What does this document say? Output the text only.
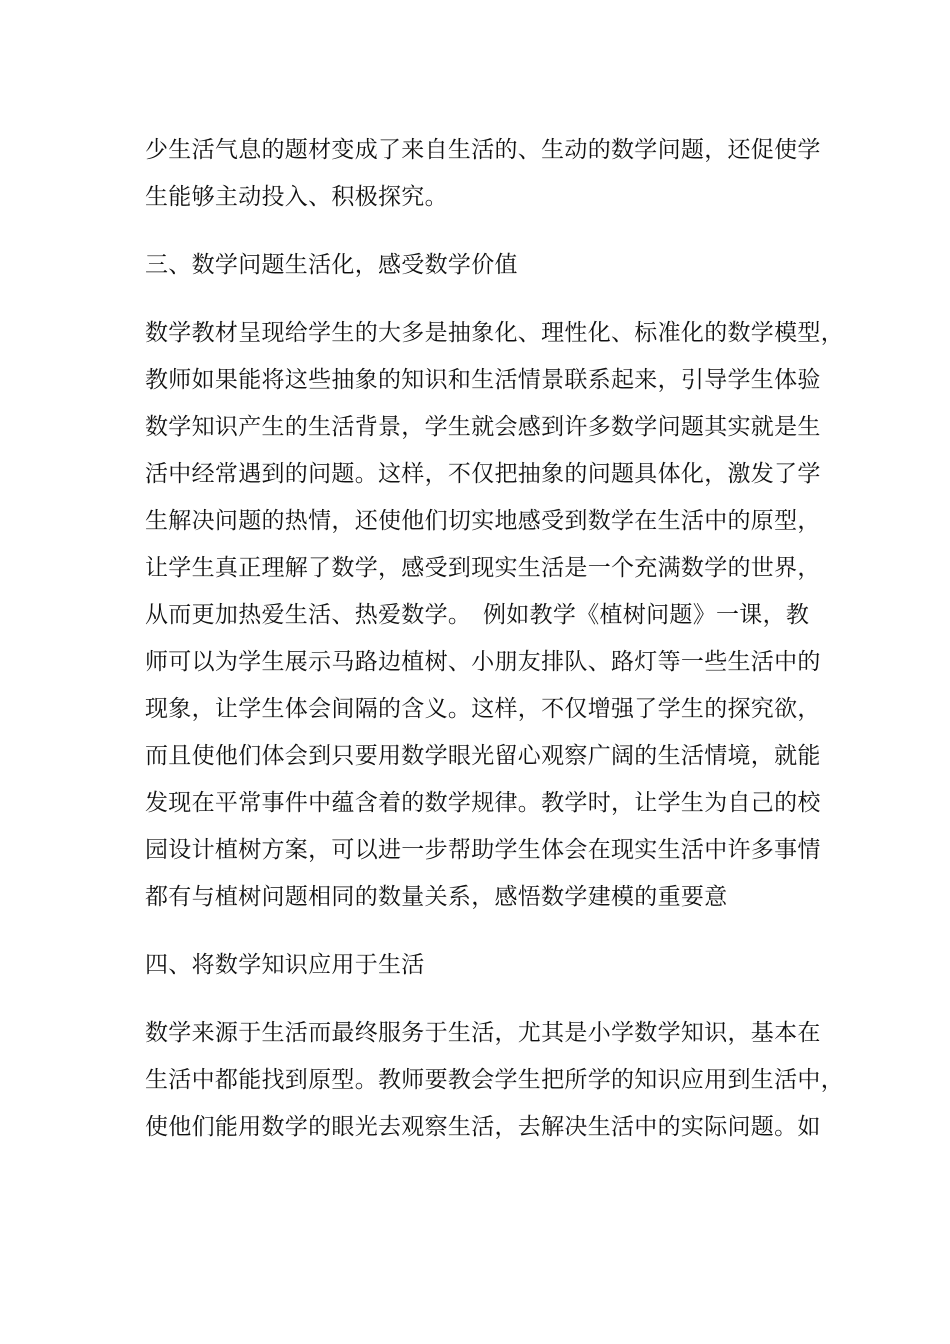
少生活气息的题材变成了来自生活的、生动的数学问题，还促使学
生能够主动投入、积极探究。
三、数学问题生活化，感受数学价值
数学教材呈现给学生的大多是抽象化、理性化、标准化的数学模型，
教师如果能将这些抽象的知识和生活情景联系起来，引导学生体验
数学知识产生的生活背景，学生就会感到许多数学问题其实就是生
活中经常遇到的问题。这样，不仅把抽象的问题具体化，激发了学
生解决问题的热情，还使他们切实地感受到数学在生活中的原型，
让学生真正理解了数学，感受到现实生活是一个充满数学的世界，
从而更加热爱生活、热爱数学。　例如教学《植树问题》一课，教
师可以为学生展示马路边植树、小朋友排队、路灯等一些生活中的
现象，让学生体会间隔的含义。这样，不仅增强了学生的探究欲，
而且使他们体会到只要用数学眼光留心观察广阔的生活情境，就能
发现在平常事件中蕴含着的数学规律。教学时，让学生为自己的校
园设计植树方案，可以进一步帮助学生体会在现实生活中许多事情
都有与植树问题相同的数量关系，感悟数学建模的重要意
四、将数学知识应用于生活
数学来源于生活而最终服务于生活，尤其是小学数学知识，基本在
生活中都能找到原型。教师要教会学生把所学的知识应用到生活中，
使他们能用数学的眼光去观察生活，去解决生活中的实际问题。如
